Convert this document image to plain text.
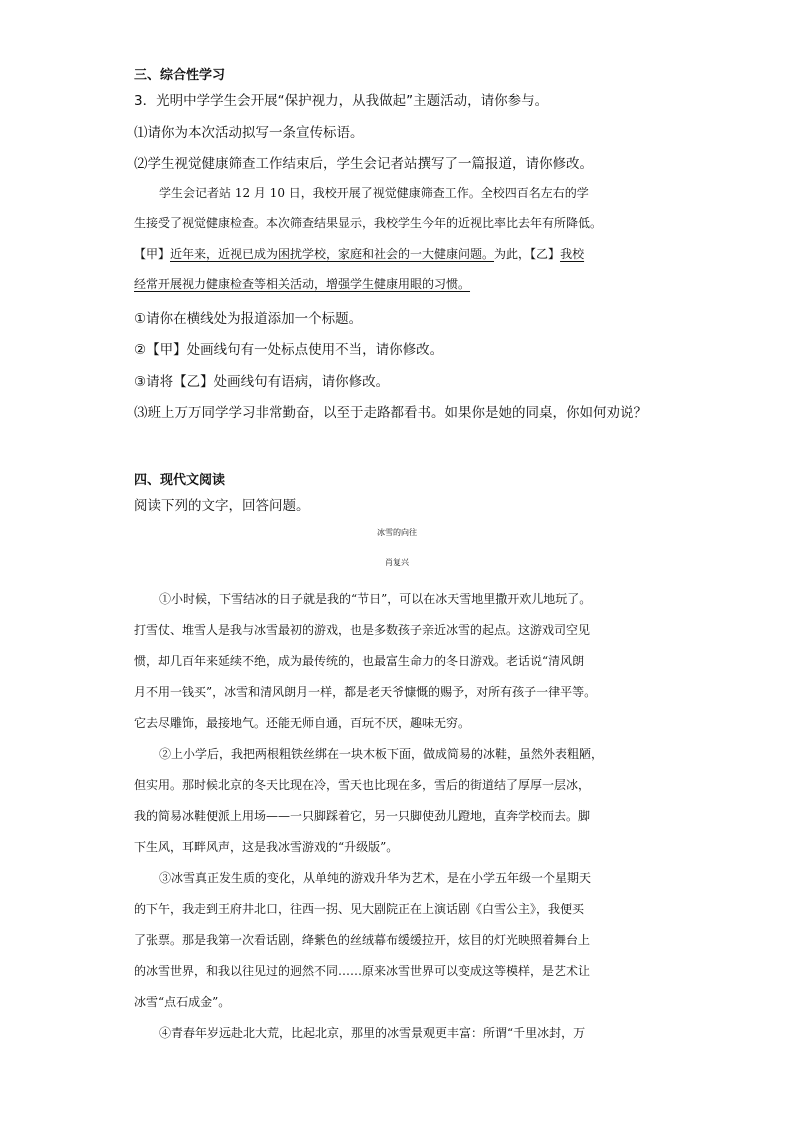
三、综合性学习
3．光明中学学生会开展“保护视力，从我做起”主题活动，请你参与。
⑴请你为本次活动拟写一条宣传标语。
⑵学生视觉健康筛查工作结束后，学生会记者站撰写了一篇报道，请你修改。
学生会记者站 12 月 10 日，我校开展了视觉健康筛查工作。全校四百名左右的学
生接受了视觉健康检查。本次筛查结果显示，我校学生今年的近视比率比去年有所降低。
【甲】近年来，近视已成为困扰学校，家庭和社会的一大健康问题。为此，【乙】我校
经常开展视力健康检查等相关活动，增强学生健康用眼的习惯。
①请你在横线处为报道添加一个标题。
②【甲】处画线句有一处标点使用不当，请你修改。
③请将【乙】处画线句有语病，请你修改。
⑶班上万万同学学习非常勤奋，以至于走路都看书。如果你是她的同桌，你如何劝说？
四、现代文阅读
阅读下列的文字，回答问题。
冰雪的向往
肖复兴
①小时候，下雪结冰的日子就是我的“节日”，可以在冰天雪地里撒开欢儿地玩了。
打雪仗、堆雪人是我与冰雪最初的游戏，也是多数孩子亲近冰雪的起点。这游戏司空见
惯，却几百年来延续不绝，成为最传统的，也最富生命力的冬日游戏。老话说“清风朗
月不用一钱买”，冰雪和清风朗月一样，都是老天爷慷慨的赐予，对所有孩子一律平等。
它去尽雕饰，最接地气。还能无师自通，百玩不厌，趣味无穷。
②上小学后，我把两根粗铁丝绑在一块木板下面，做成简易的冰鞋，虽然外表粗陋，
但实用。那时候北京的冬天比现在冷，雪天也比现在多，雪后的街道结了厚厚一层冰，
我的简易冰鞋便派上用场——一只脚踩着它，另一只脚使劲儿蹬地，直奔学校而去。脚
下生风，耳畔风声，这是我冰雪游戏的“升级版”。
③冰雪真正发生质的变化，从单纯的游戏升华为艺术，是在小学五年级一个星期天
的下午，我走到王府井北口，往西一拐、见大剧院正在上演话剧《白雪公主》，我便买
了张票。那是我第一次看话剧，绛紫色的丝绒幕布缓缓拉开，炫目的灯光映照着舞台上
的冰雪世界，和我以往见过的迥然不同……原来冰雪世界可以变成这等模样，是艺术让
冰雪“点石成金”。
④青春年岁远赴北大荒，比起北京，那里的冰雪景观更丰富：所谓“千里冰封，万
